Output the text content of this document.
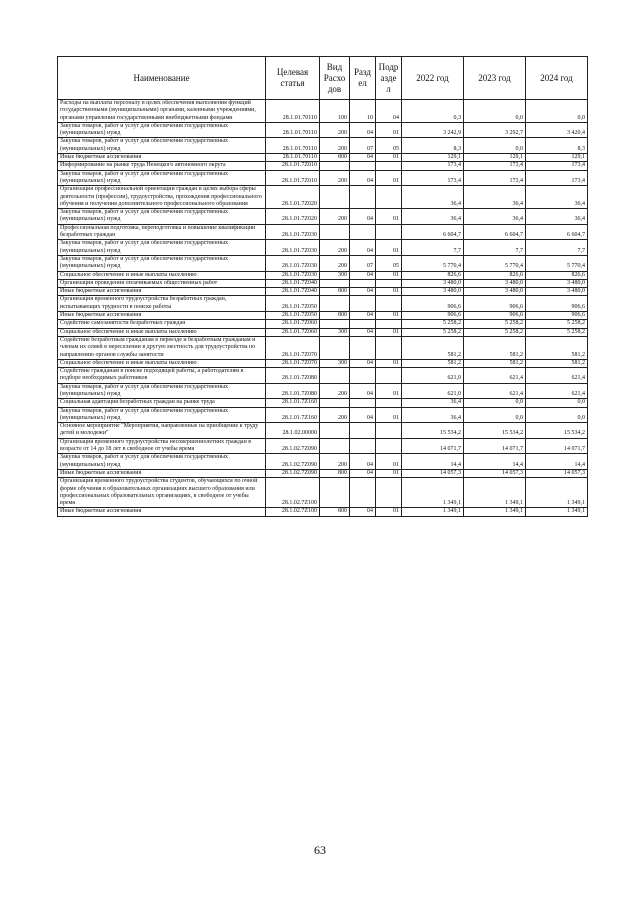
Наименование	Целевая статья	Вид Расхо дов	Разд ел	Подр азде л	2022 год	2023 год	2024 год
Расходы на выплаты персоналу в целях обеспечения выполнения функций государственными (муниципальными) органами, казенными учреждениями, органами управления государственными внебюджетными фондами	28.1.01.70110	100	10	04	0,3	0,0	0,0
Закупка товаров, работ и услуг для обеспечения государственных (муниципальных) нужд	28.1.01.70110	200	04	01	3 242,9	3 292,7	3 420,4
Закупка товаров, работ и услуг для обеспечения государственных (муниципальных) нужд	28.1.01.70110	200	07	05	8,3	0,0	8,3
Иные бюджетные ассигнования	28.1.01.70110	800	04	01	129,1	129,1	129,1
Информирование на рынке труда Ненецкого автономного округа	28.1.01.7Z010				173,4	173,4	173,4
Закупка товаров, работ и услуг для обеспечения государственных (муниципальных) нужд	28.1.01.7Z010	200	04	01	173,4	173,4	173,4
Организация профессиональной ориентации граждан в целях выбора сферы деятельности (профессии), трудоустройства, прохождения профессионального обучения и получения дополнительного профессионального образования	28.1.01.7Z020				36,4	36,4	36,4
Закупка товаров, работ и услуг для обеспечения государственных (муниципальных) нужд	28.1.01.7Z020	200	04	01	36,4	36,4	36,4
Профессиональная подготовка, переподготовка и повышение квалификации безработных граждан	28.1.01.7Z030				6 604,7	6 604,7	6 604,7
Закупка товаров, работ и услуг для обеспечения государственных (муниципальных) нужд	28.1.01.7Z030	200	04	01	7,7	7,7	7,7
Закупка товаров, работ и услуг для обеспечения государственных (муниципальных) нужд	28.1.01.7Z030	200	07	05	5 770,4	5 770,4	5 770,4
Социальное обеспечение и иные выплаты населению	28.1.01.7Z030	300	04	01	826,6	826,6	826,6
Организация проведения оплачиваемых общественных работ	28.1.01.7Z040				3 480,0	3 480,0	3 480,0
Иные бюджетные ассигнования	28.1.01.7Z040	800	04	01	3 480,0	3 480,0	3 480,0
Организация временного трудоустройства безработных граждан, испытывающих трудности в поиске работы	28.1.01.7Z050				906,6	906,6	906,6
Иные бюджетные ассигнования	28.1.01.7Z050	800	04	01	906,6	906,6	906,6
Содействие самозанятости безработных граждан	28.1.01.7Z060				5 258,2	5 258,2	5 258,2
Социальное обеспечение и иные выплаты населению	28.1.01.7Z060	300	04	01	5 258,2	5 258,2	5 258,2
Содействие безработным гражданам в переезде и безработным гражданам и членам их семей в переселении в другую местность для трудоустройства по направлению органов службы занятости	28.1.01.7Z070				581,2	581,2	581,2
Социальное обеспечение и иные выплаты населению	28.1.01.7Z070	300	04	01	581,2	581,2	581,2
Содействие гражданам в поиске подходящей работы, а работодателям в подборе необходимых работников	28.1.01.7Z080				621,0	621,4	621,4
Закупка товаров, работ и услуг для обеспечения государственных (муниципальных) нужд	28.1.01.7Z080	200	04	01	621,0	621,4	621,4
Социальная адаптация безработных граждан на рынке труда	28.1.01.7Z160				36,4	0,0	0,0
Закупка товаров, работ и услуг для обеспечения государственных (муниципальных) нужд	28.1.01.7Z160	200	04	01	36,4	0,0	0,0
Основное мероприятие "Мероприятия, направленные на приобщение к труду детей и молодежи"	28.1.02.00000				15 534,2	15 534,2	15 534,2
Организация временного трудоустройства несовершеннолетних граждан в возрасте от 14 до 18 лет в свободное от учебы время	28.1.02.7Z090				14 071,7	14 071,7	14 071,7
Закупка товаров, работ и услуг для обеспечения государственных (муниципальных) нужд	28.1.02.7Z090	200	04	01	14,4	14,4	14,4
Иные бюджетные ассигнования	28.1.02.7Z090	800	04	01	14 057,3	14 057,3	14 057,3
Организация временного трудоустройства студентов, обучающихся по очной форме обучения в образовательных организациях высшего образования или профессиональных образовательных организациях, в свободное от учебы время	28.1.02.7Z100				1 349,1	1 349,1	1 349,1
Иные бюджетные ассигнования	28.1.02.7Z100	800	04	01	1 349,1	1 349,1	1 349,1
63
